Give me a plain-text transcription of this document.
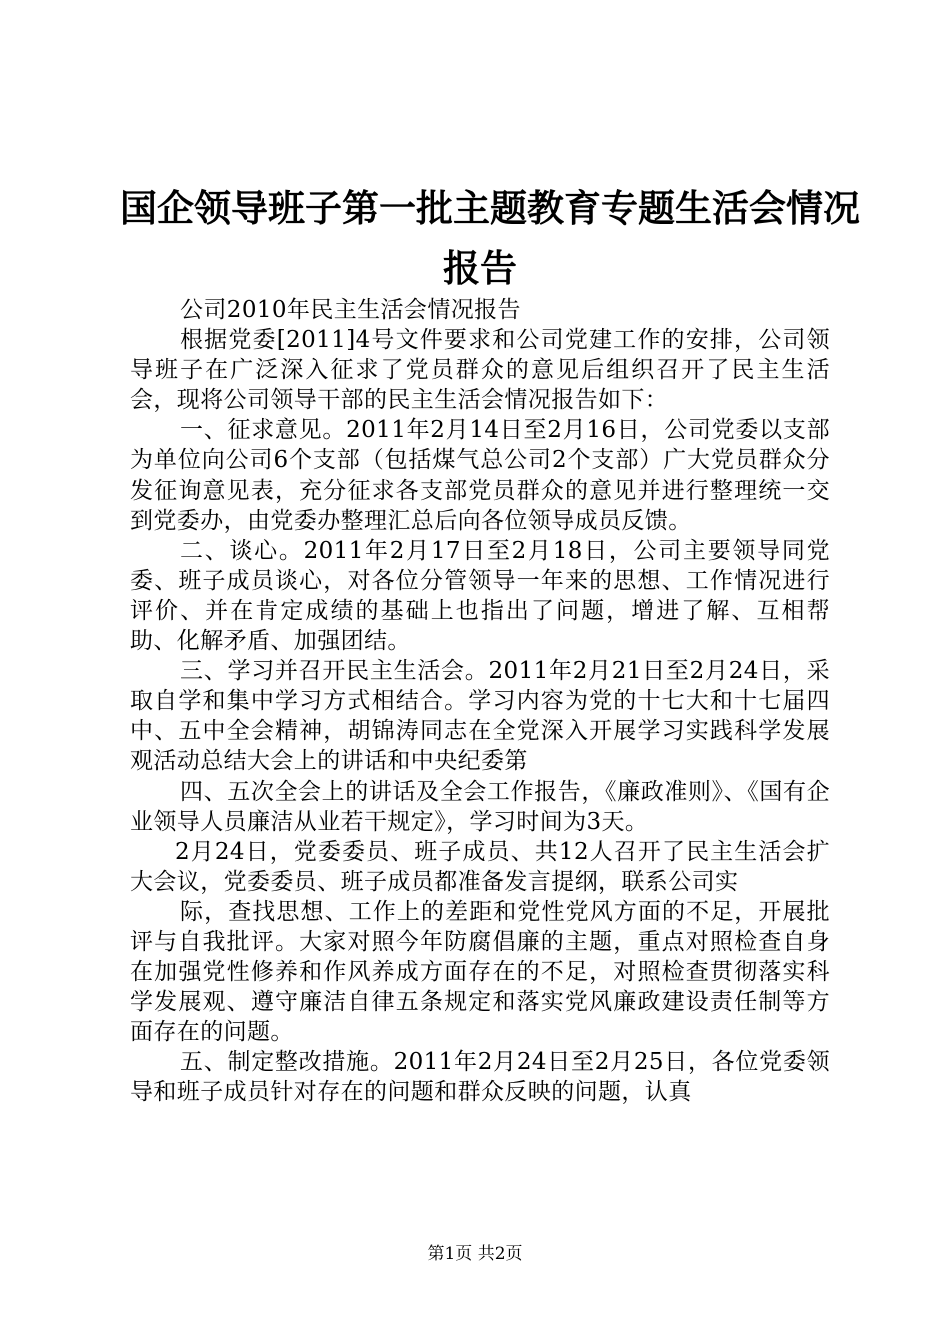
国企领导班子第一批主题教育专题生活会情况
报告

公司2010年民主生活会情况报告

根据党委[2011]4号文件要求和公司党建工作的安排，公司领导班子在广泛深入征求了党员群众的意见后组织召开了民主生活会，现将公司领导干部的民主生活会情况报告如下：

一、征求意见。2011年2月14日至2月16日，公司党委以支部为单位向公司6个支部（包括煤气总公司2个支部）广大党员群众分发征询意见表，充分征求各支部党员群众的意见并进行整理统一交到党委办，由党委办整理汇总后向各位领导成员反馈。

二、谈心。2011年2月17日至2月18日，公司主要领导同党委、班子成员谈心，对各位分管领导一年来的思想、工作情况进行评价、并在肯定成绩的基础上也指出了问题，增进了解、互相帮助、化解矛盾、加强团结。

三、学习并召开民主生活会。2011年2月21日至2月24日，采取自学和集中学习方式相结合。学习内容为党的十七大和十七届四中、五中全会精神，胡锦涛同志在全党深入开展学习实践科学发展观活动总结大会上的讲话和中央纪委第

四、五次全会上的讲话及全会工作报告，《廉政准则》、《国有企业领导人员廉洁从业若干规定》，学习时间为3天。

2月24日，党委委员、班子成员、共12人召开了民主生活会扩大会议，党委委员、班子成员都准备发言提纲，联系公司实

际，查找思想、工作上的差距和党性党风方面的不足，开展批评与自我批评。大家对照今年防腐倡廉的主题，重点对照检查自身在加强党性修养和作风养成方面存在的不足，对照检查贯彻落实科学发展观、遵守廉洁自律五条规定和落实党风廉政建设责任制等方面存在的问题。

五、制定整改措施。2011年2月24日至2月25日，各位党委领导和班子成员针对存在的问题和群众反映的问题，认真

第1页 共2页
